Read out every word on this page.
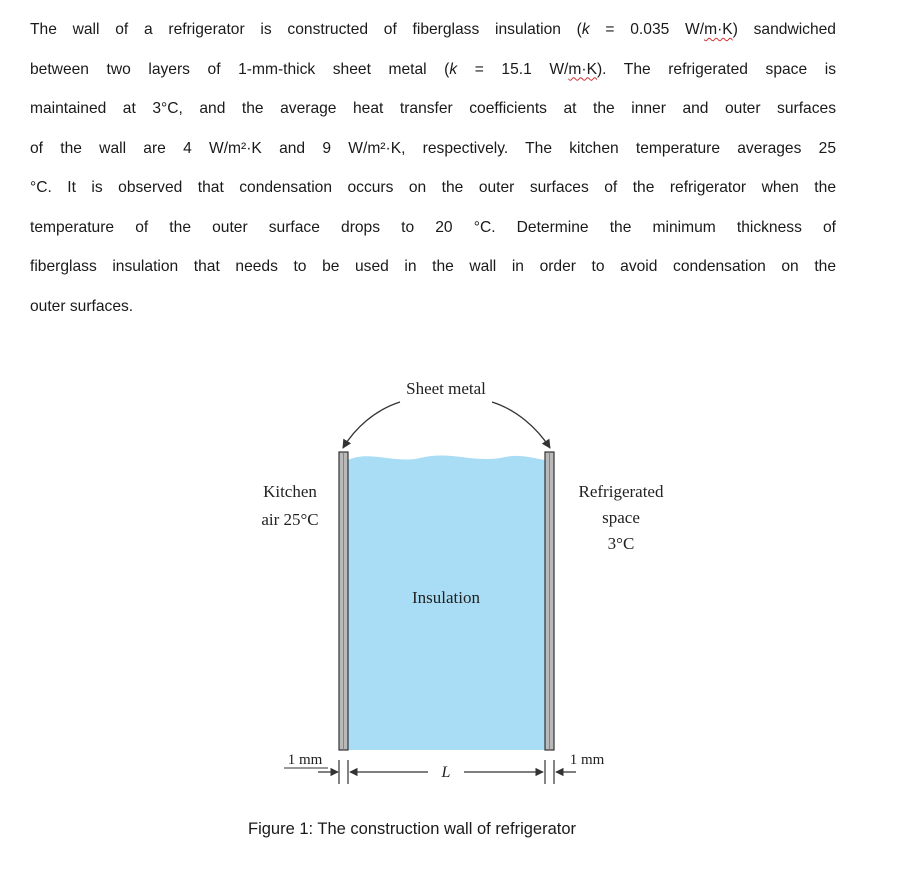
The wall of a refrigerator is constructed of fiberglass insulation (k = 0.035 W/m·K) sandwiched
between two layers of 1-mm-thick sheet metal (k = 15.1 W/m·K). The refrigerated space is
maintained at 3°C, and the average heat transfer coefficients at the inner and outer surfaces
of the wall are 4 W/m²·K and 9 W/m²·K, respectively. The kitchen temperature averages 25
°C. It is observed that condensation occurs on the outer surfaces of the refrigerator when the
temperature of the outer surface drops to 20 °C. Determine the minimum thickness of
fiberglass insulation that needs to be used in the wall in order to avoid condensation on the
outer surfaces.
Sheet metal
Kitchen
air 25°C
Refrigerated
space
3°C
Insulation
1 mm
L
1 mm
Figure 1: The construction wall of refrigerator
